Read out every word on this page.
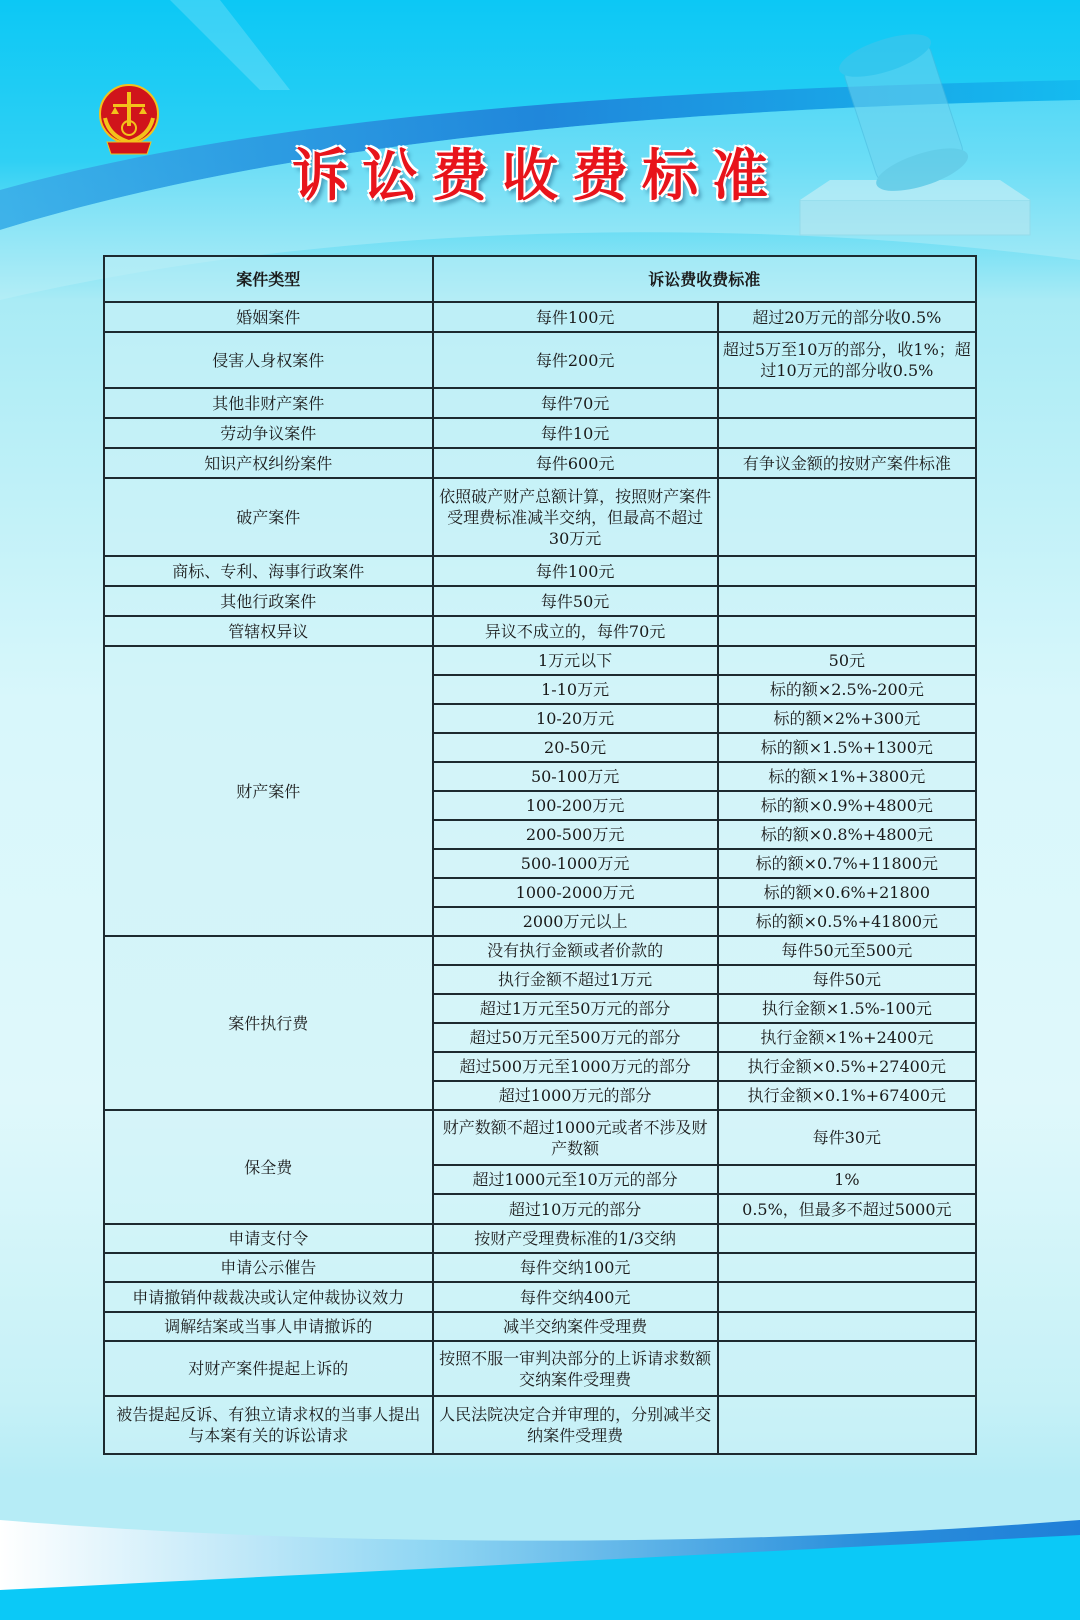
诉讼费收费标准
案件类型	诉讼费收费标准	
婚姻案件	每件100元	超过20万元的部分收0.5%
侵害人身权案件	每件200元	超过5万至10万的部分，收1%；超过10万元的部分收0.5%
其他非财产案件	每件70元	
劳动争议案件	每件10元	
知识产权纠纷案件	每件600元	有争议金额的按财产案件标准
破产案件	依照破产财产总额计算，按照财产案件受理费标准减半交纳，但最高不超过30万元	
商标、专利、海事行政案件	每件100元	
其他行政案件	每件50元	
管辖权异议	异议不成立的，每件70元	
财产案件	1万元以下	50元
	1-10万元	标的额×2.5%-200元
	10-20万元	标的额×2%+300元
	20-50元	标的额×1.5%+1300元
	50-100万元	标的额×1%+3800元
	100-200万元	标的额×0.9%+4800元
	200-500万元	标的额×0.8%+4800元
	500-1000万元	标的额×0.7%+11800元
	1000-2000万元	标的额×0.6%+21800
	2000万元以上	标的额×0.5%+41800元
案件执行费	没有执行金额或者价款的	每件50元至500元
	执行金额不超过1万元	每件50元
	超过1万元至50万元的部分	执行金额×1.5%-100元
	超过50万元至500万元的部分	执行金额×1%+2400元
	超过500万元至1000万元的部分	执行金额×0.5%+27400元
	超过1000万元的部分	执行金额×0.1%+67400元
保全费	财产数额不超过1000元或者不涉及财产数额	每件30元
	超过1000元至10万元的部分	1%
	超过10万元的部分	0.5%，但最多不超过5000元
申请支付令	按财产受理费标准的1/3交纳	
申请公示催告	每件交纳100元	
申请撤销仲裁裁决或认定仲裁协议效力	每件交纳400元	
调解结案或当事人申请撤诉的	减半交纳案件受理费	
对财产案件提起上诉的	按照不服一审判决部分的上诉请求数额交纳案件受理费	
被告提起反诉、有独立请求权的当事人提出与本案有关的诉讼请求	人民法院决定合并审理的，分别减半交纳案件受理费	
